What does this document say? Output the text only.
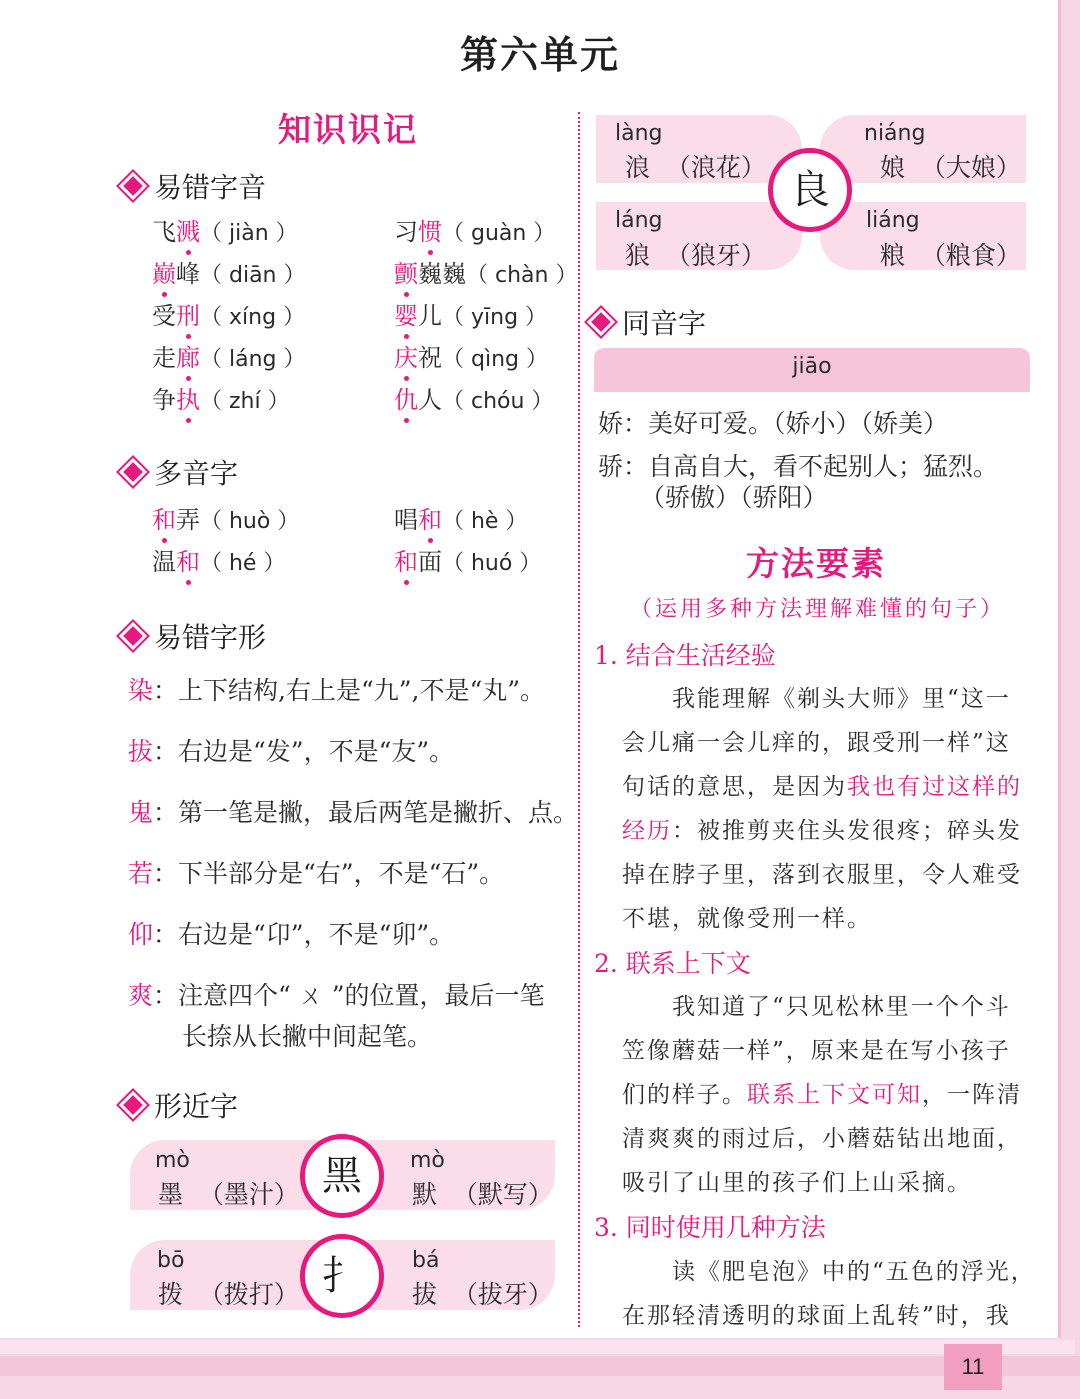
11
第六单元
知识识记
易错字音
多音字
易错字形
形近字
mò
墨 （墨汁）
mò
默 （默写）
黑
bō
拨 （拨打）
bá
拔 （拔牙）
扌
làng
浪 （浪花）
niáng
娘 （大娘）
láng
狼 （狼牙）
liáng
粮 （粮食）
良
同音字
jiāo
娇：美好可爱。（娇小）（娇美）
骄：自高自大，看不起别人；猛烈。
（骄傲）（骄阳）
方法要素
（运用多种方法理解难懂的句子）
1. 结合生活经验
我能理解《剃头大师》里“这一
会儿痛一会儿痒的，跟受刑一样”这
句话的意思，是因为我也有过这样的
经历：被推剪夹住头发很疼；碎头发
掉在脖子里，落到衣服里，令人难受
不堪，就像受刑一样。
2. 联系上下文
我知道了“只见松林里一个个斗
笠像蘑菇一样”，原来是在写小孩子
们的样子。联系上下文可知，一阵清
清爽爽的雨过后，小蘑菇钻出地面，
吸引了山里的孩子们上山采摘。
3. 同时使用几种方法
读《肥皂泡》中的“五色的浮光，
在那轻清透明的球面上乱转”时，我
飞溅（ jiàn ）	习惯（ guàn ）
巅峰（ diān ）	颤巍巍（ chàn ）
受刑（ xíng ）	婴儿（ yīng ）
走廊（ láng ）	庆祝（ qìng ）
争执（ zhí ）	仇人（ chóu ）
和弄（ huò ）	唱和（ hè ）
温和（ hé ）	和面（ huó ）
染：上下结构,右上是“九”,不是“丸”。
拔：右边是“发”，不是“友”。
鬼：第一笔是撇，最后两笔是撇折、点。
若：下半部分是“右”，不是“石”。
仰：右边是“卬”，不是“卯”。
爽：注意四个“ ㄨ ”的位置，最后一笔
长捺从长撇中间起笔。
